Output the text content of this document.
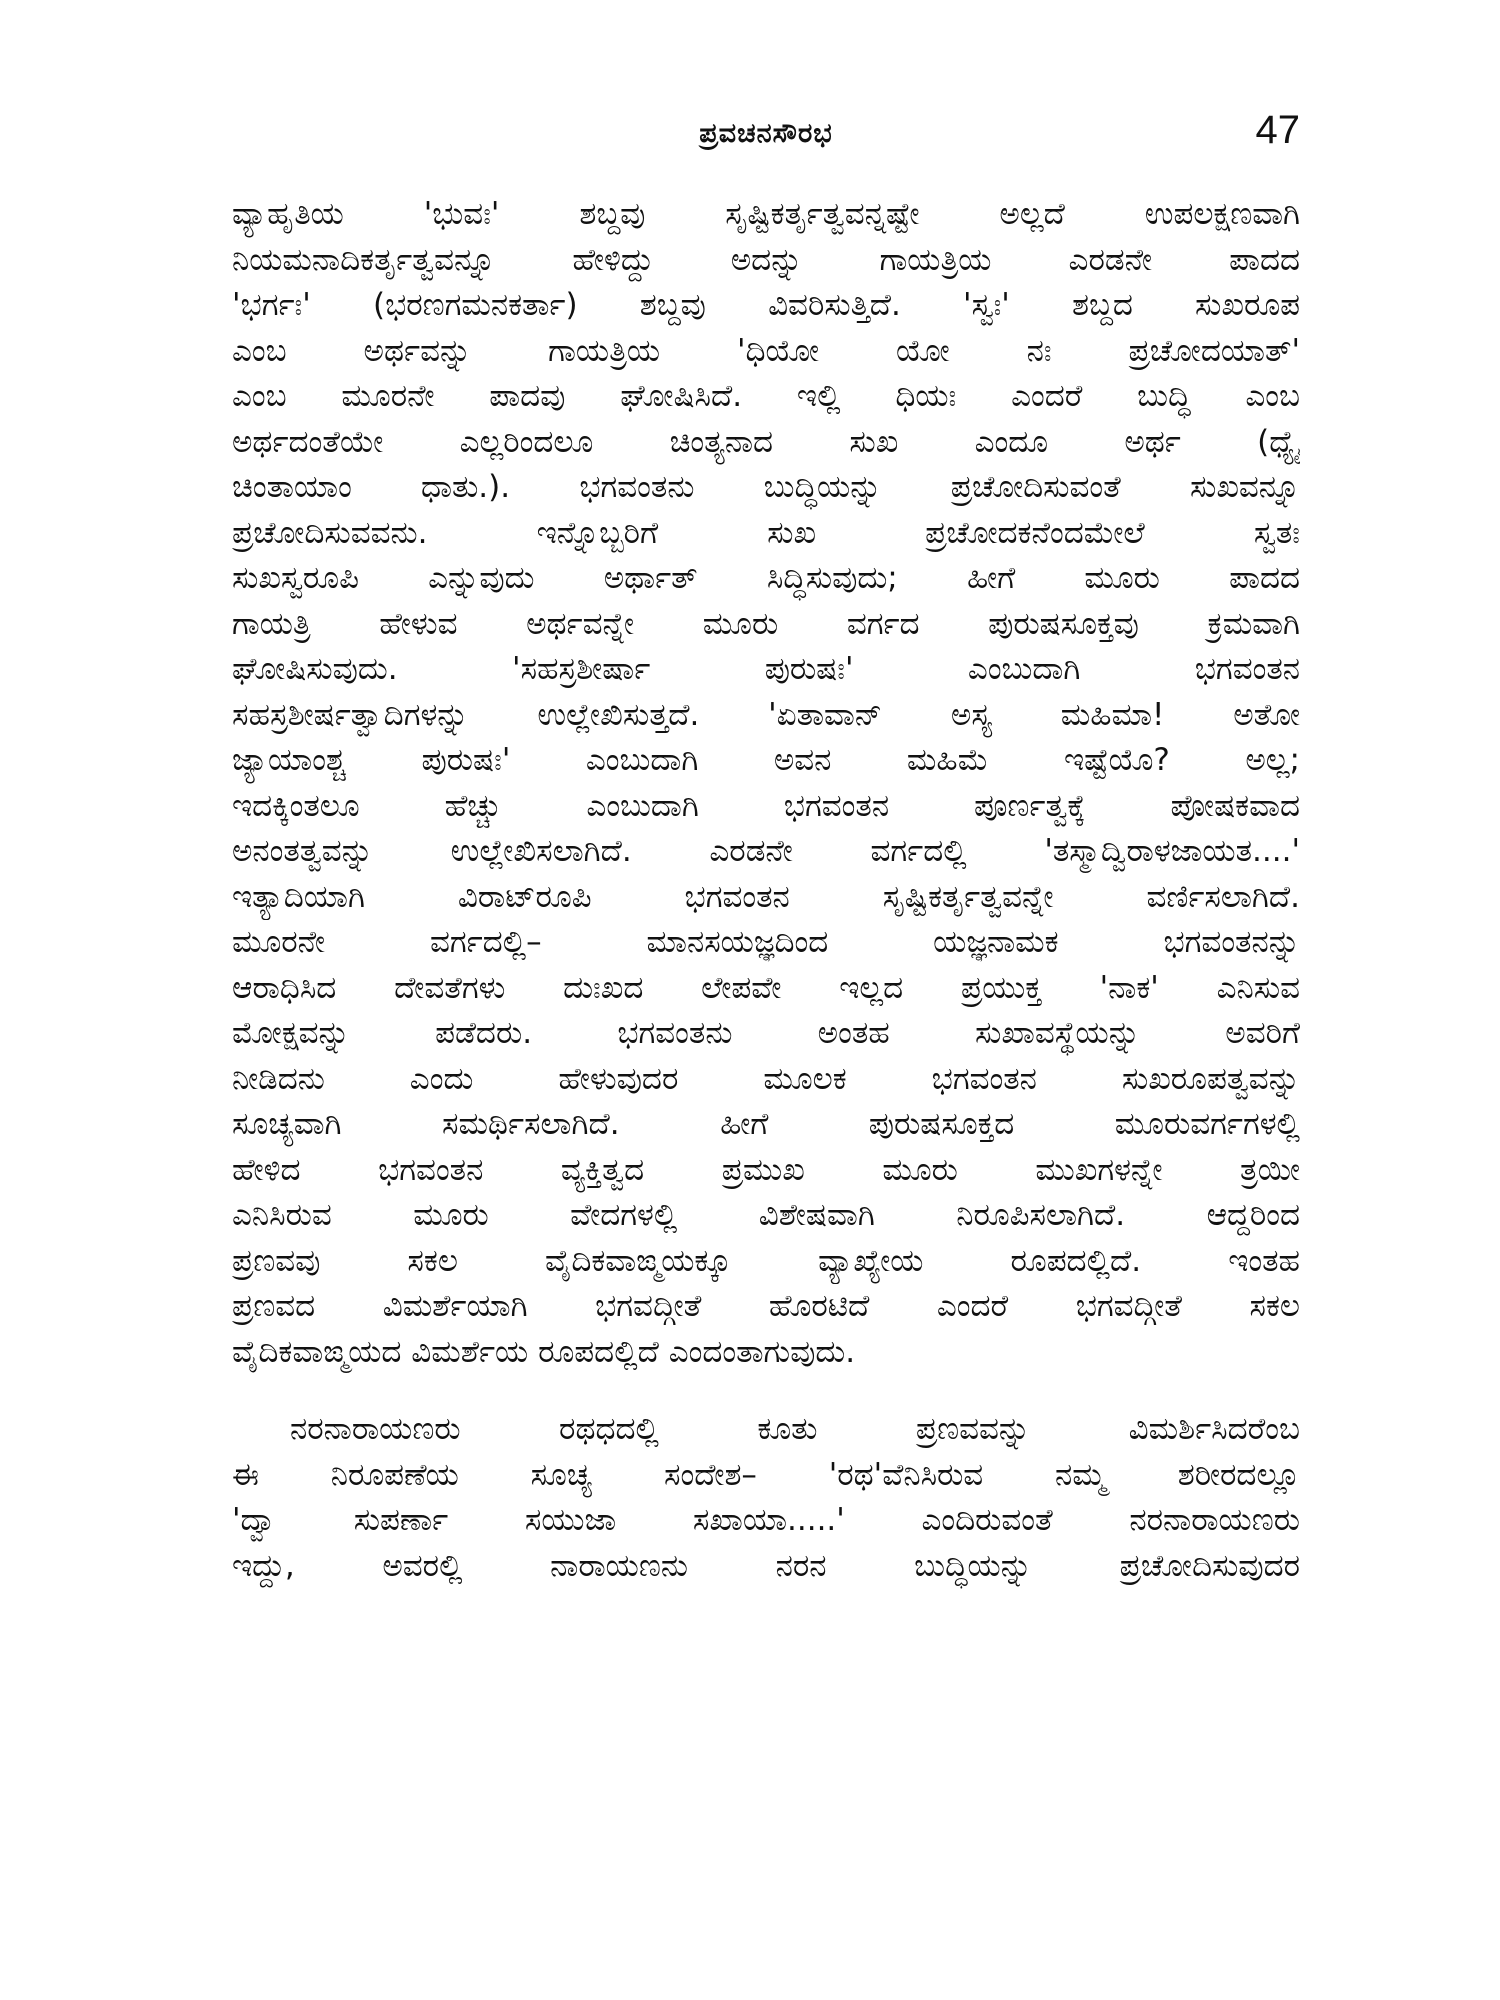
ಪ್ರವಚನಸೌರಭ	47

ವ್ಯಾಹೃತಿಯ 'ಭುವಃ' ಶಬ್ದವು ಸೃಷ್ಟಿಕರ್ತೃತ್ವವನ್ನಷ್ಟೇ ಅಲ್ಲದೆ ಉಪಲಕ್ಷಣವಾಗಿ
ನಿಯಮನಾದಿಕರ್ತೃತ್ವವನ್ನೂ ಹೇಳಿದ್ದು ಅದನ್ನು ಗಾಯತ್ರಿಯ ಎರಡನೇ ಪಾದದ
'ಭರ್ಗಃ' (ಭರಣಗಮನಕರ್ತಾ) ಶಬ್ದವು ವಿವರಿಸುತ್ತಿದೆ. 'ಸ್ವಃ' ಶಬ್ದದ ಸುಖರೂಪ
ಎಂಬ ಅರ್ಥವನ್ನು ಗಾಯತ್ರಿಯ 'ಧಿಯೋ ಯೋ ನಃ ಪ್ರಚೋದಯಾತ್'
ಎಂಬ ಮೂರನೇ ಪಾದವು ಘೋಷಿಸಿದೆ. ಇಲ್ಲಿ ಧಿಯಃ ಎಂದರೆ ಬುದ್ಧಿ ಎಂಬ
ಅರ್ಥದಂತೆಯೇ ಎಲ್ಲರಿಂದಲೂ ಚಿಂತ್ಯನಾದ ಸುಖ ಎಂದೂ ಅರ್ಥ (ಧ್ಯೈ
ಚಿಂತಾಯಾಂ ಧಾತು.). ಭಗವಂತನು ಬುದ್ಧಿಯನ್ನು ಪ್ರಚೋದಿಸುವಂತೆ ಸುಖವನ್ನೂ
ಪ್ರಚೋದಿಸುವವನು. ಇನ್ನೊಬ್ಬರಿಗೆ ಸುಖ ಪ್ರಚೋದಕನೆಂದಮೇಲೆ ಸ್ವತಃ
ಸುಖಸ್ವರೂಪಿ ಎನ್ನುವುದು ಅರ್ಥಾತ್ ಸಿದ್ಧಿಸುವುದು; ಹೀಗೆ ಮೂರು ಪಾದದ
ಗಾಯತ್ರಿ ಹೇಳುವ ಅರ್ಥವನ್ನೇ ಮೂರು ವರ್ಗದ ಪುರುಷಸೂಕ್ತವು ಕ್ರಮವಾಗಿ
ಘೋಷಿಸುವುದು. 'ಸಹಸ್ರಶೀರ್ಷಾ ಪುರುಷಃ' ಎಂಬುದಾಗಿ ಭಗವಂತನ
ಸಹಸ್ರಶೀರ್ಷತ್ವಾದಿಗಳನ್ನು ಉಲ್ಲೇಖಿಸುತ್ತದೆ. 'ಏತಾವಾನ್ ಅಸ್ಯ ಮಹಿಮಾ! ಅತೋ
ಜ್ಯಾಯಾಂಶ್ಚ ಪುರುಷಃ' ಎಂಬುದಾಗಿ ಅವನ ಮಹಿಮೆ ಇಷ್ಟೆಯೊ? ಅಲ್ಲ;
ಇದಕ್ಕಿಂತಲೂ ಹೆಚ್ಚು ಎಂಬುದಾಗಿ ಭಗವಂತನ ಪೂರ್ಣತ್ವಕ್ಕೆ ಪೋಷಕವಾದ
ಅನಂತತ್ವವನ್ನು ಉಲ್ಲೇಖಿಸಲಾಗಿದೆ. ಎರಡನೇ ವರ್ಗದಲ್ಲಿ 'ತಸ್ಮಾದ್ವಿರಾಳಜಾಯತ....'
ಇತ್ಯಾದಿಯಾಗಿ ವಿರಾಟ್‌ರೂಪಿ ಭಗವಂತನ ಸೃಷ್ಟಿಕರ್ತೃತ್ವವನ್ನೇ ವರ್ಣಿಸಲಾಗಿದೆ.
ಮೂರನೇ ವರ್ಗದಲ್ಲಿ– ಮಾನಸಯಜ್ಞದಿಂದ ಯಜ್ಞನಾಮಕ ಭಗವಂತನನ್ನು
ಆರಾಧಿಸಿದ ದೇವತೆಗಳು ದುಃಖದ ಲೇಪವೇ ಇಲ್ಲದ ಪ್ರಯುಕ್ತ 'ನಾಕ' ಎನಿಸುವ
ಮೋಕ್ಷವನ್ನು ಪಡೆದರು. ಭಗವಂತನು ಅಂತಹ ಸುಖಾವಸ್ಥೆಯನ್ನು ಅವರಿಗೆ
ನೀಡಿದನು ಎಂದು ಹೇಳುವುದರ ಮೂಲಕ ಭಗವಂತನ ಸುಖರೂಪತ್ವವನ್ನು
ಸೂಚ್ಯವಾಗಿ ಸಮರ್ಥಿಸಲಾಗಿದೆ. ಹೀಗೆ ಪುರುಷಸೂಕ್ತದ ಮೂರುವರ್ಗಗಳಲ್ಲಿ
ಹೇಳಿದ ಭಗವಂತನ ವ್ಯಕ್ತಿತ್ವದ ಪ್ರಮುಖ ಮೂರು ಮುಖಗಳನ್ನೇ ತ್ರಯೀ
ಎನಿಸಿರುವ ಮೂರು ವೇದಗಳಲ್ಲಿ ವಿಶೇಷವಾಗಿ ನಿರೂಪಿಸಲಾಗಿದೆ. ಆದ್ದರಿಂದ
ಪ್ರಣವವು ಸಕಲ ವೈದಿಕವಾಙ್ಮಯಕ್ಕೂ ವ್ಯಾಖ್ಯೇಯ ರೂಪದಲ್ಲಿದೆ. ಇಂತಹ
ಪ್ರಣವದ ವಿಮರ್ಶೆಯಾಗಿ ಭಗವದ್ಗೀತೆ ಹೊರಟಿದೆ ಎಂದರೆ ಭಗವದ್ಗೀತೆ ಸಕಲ
ವೈದಿಕವಾಙ್ಮಯದ ವಿಮರ್ಶೆಯ ರೂಪದಲ್ಲಿದೆ ಎಂದಂತಾಗುವುದು.

ನರನಾರಾಯಣರು ರಥಧದಲ್ಲಿ ಕೂತು ಪ್ರಣವವನ್ನು ವಿಮರ್ಶಿಸಿದರೆಂಬ
ಈ ನಿರೂಪಣೆಯ ಸೂಚ್ಯ ಸಂದೇಶ– 'ರಥ'ವೆನಿಸಿರುವ ನಮ್ಮ ಶರೀರದಲ್ಲೂ
'ದ್ವಾ ಸುಪರ್ಣಾ ಸಯುಜಾ ಸಖಾಯಾ.....' ಎಂದಿರುವಂತೆ ನರನಾರಾಯಣರು
ಇದ್ದು, ಅವರಲ್ಲಿ ನಾರಾಯಣನು ನರನ ಬುದ್ಧಿಯನ್ನು ಪ್ರಚೋದಿಸುವುದರ
